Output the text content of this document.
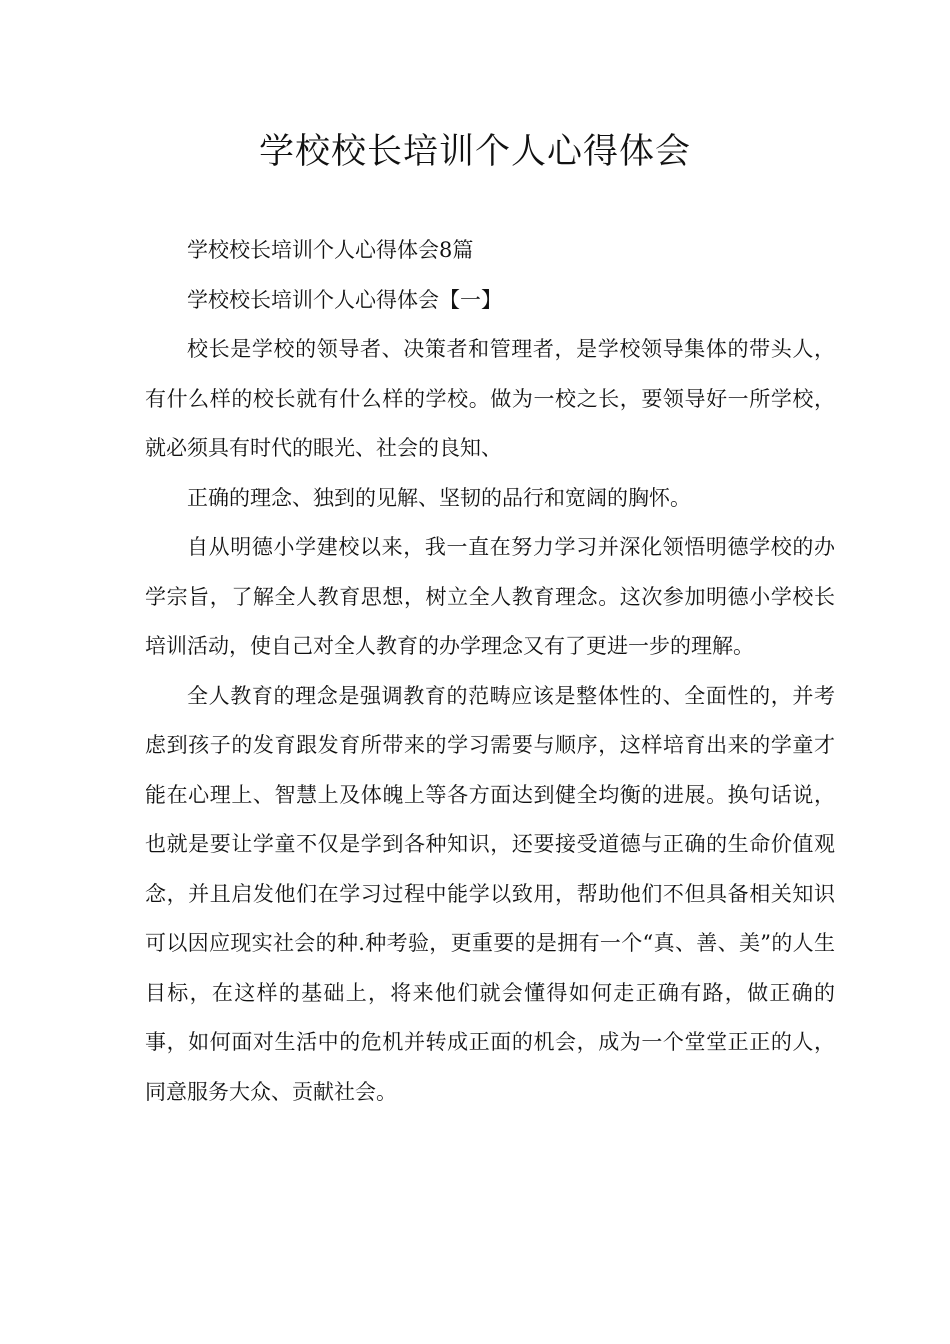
学校校长培训个人心得体会

学校校长培训个人心得体会8篇

学校校长培训个人心得体会【一】

校长是学校的领导者、决策者和管理者，是学校领导集体的带头人，有什么样的校长就有什么样的学校。做为一校之长，要领导好一所学校，就必须具有时代的眼光、社会的良知、

正确的理念、独到的见解、坚韧的品行和宽阔的胸怀。

自从明德小学建校以来，我一直在努力学习并深化领悟明德学校的办学宗旨，了解全人教育思想，树立全人教育理念。这次参加明德小学校长培训活动，使自己对全人教育的办学理念又有了更进一步的理解。

全人教育的理念是强调教育的范畴应该是整体性的、全面性的，并考虑到孩子的发育跟发育所带来的学习需要与顺序，这样培育出来的学童才能在心理上、智慧上及体魄上等各方面达到健全均衡的进展。换句话说，也就是要让学童不仅是学到各种知识，还要接受道德与正确的生命价值观念，并且启发他们在学习过程中能学以致用，帮助他们不但具备相关知识可以因应现实社会的种.种考验，更重要的是拥有一个“真、善、美”的人生目标，在这样的基础上，将来他们就会懂得如何走正确有路，做正确的事，如何面对生活中的危机并转成正面的机会，成为一个堂堂正正的人，同意服务大众、贡献社会。
